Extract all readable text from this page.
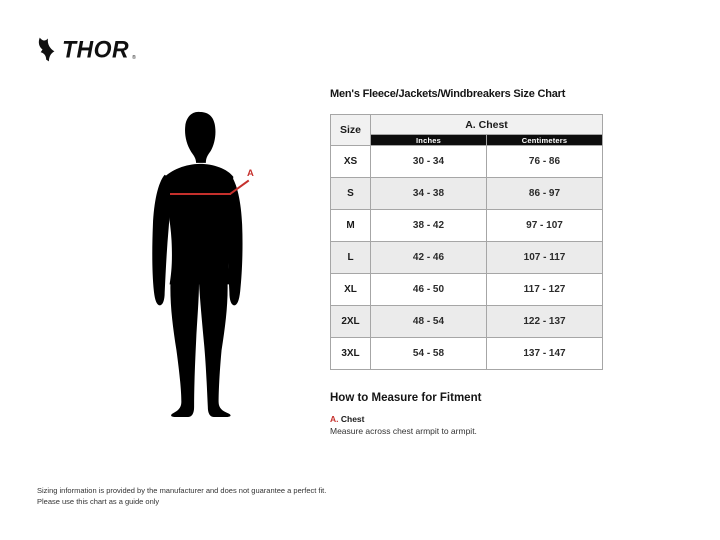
THOR ®
A
Men's Fleece/Jackets/Windbreakers Size Chart
Size	A. Chest	
	Inches	Centimeters
XS	30 - 34	76 - 86
S	34 - 38	86 - 97
M	38 - 42	97 - 107
L	42 - 46	107 - 117
XL	46 - 50	117 - 127
2XL	48 - 54	122 - 137
3XL	54 - 58	137 - 147
How to Measure for Fitment
A. Chest
Measure across chest armpit to armpit.
Sizing information is provided by the manufacturer and does not guarantee a perfect fit.
Please use this chart as a guide only
